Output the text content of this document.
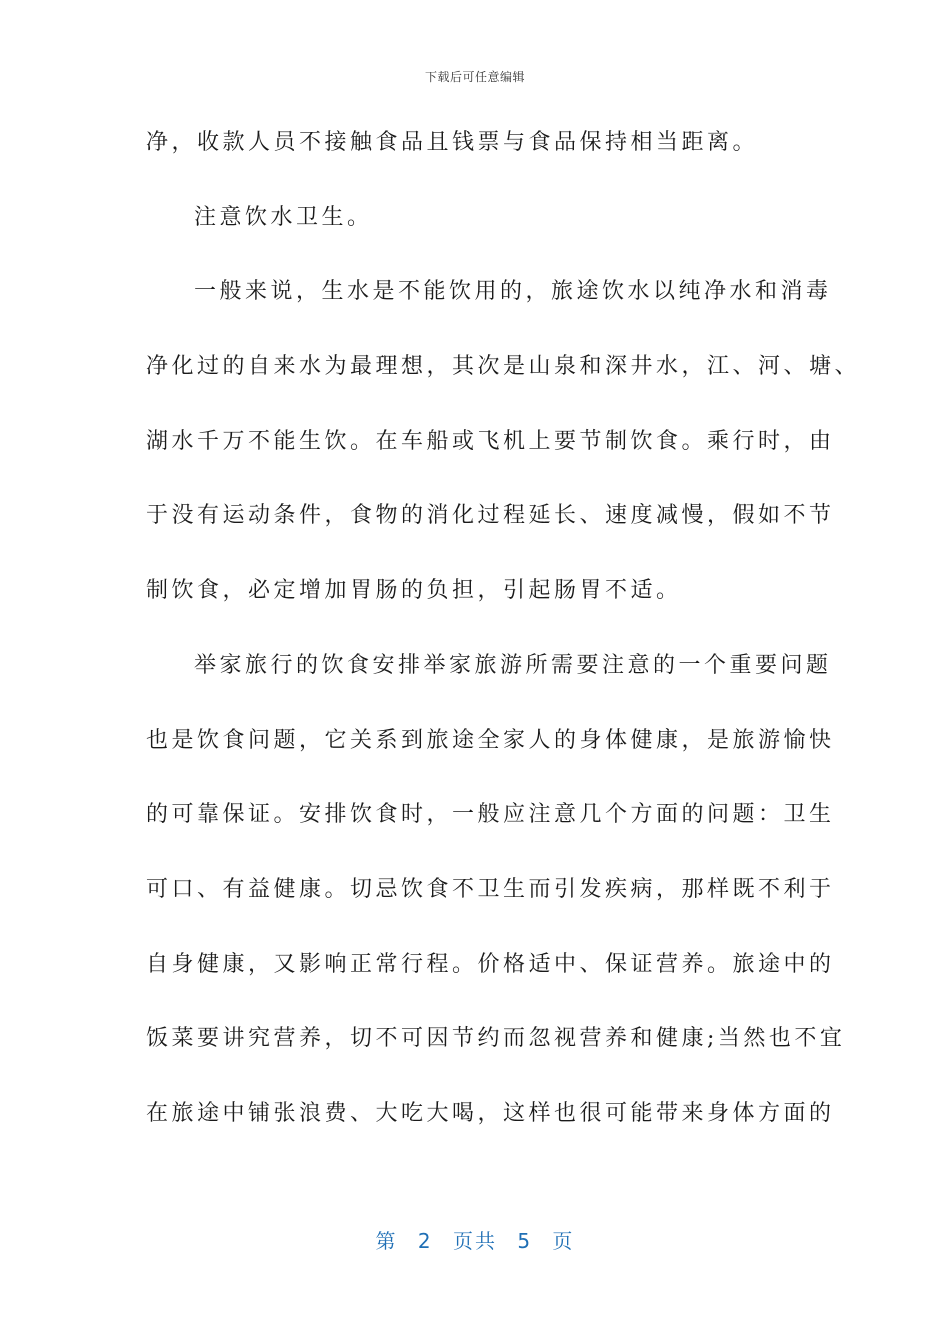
下载后可任意编辑
净，收款人员不接触食品且钱票与食品保持相当距离。
注意饮水卫生。
一般来说，生水是不能饮用的，旅途饮水以纯净水和消毒
净化过的自来水为最理想，其次是山泉和深井水，江、河、塘、
湖水千万不能生饮。在车船或飞机上要节制饮食。乘行时，由
于没有运动条件，食物的消化过程延长、速度减慢，假如不节
制饮食，必定增加胃肠的负担，引起肠胃不适。
举家旅行的饮食安排举家旅游所需要注意的一个重要问题
也是饮食问题，它关系到旅途全家人的身体健康，是旅游愉快
的可靠保证。安排饮食时，一般应注意几个方面的问题：卫生
可口、有益健康。切忌饮食不卫生而引发疾病，那样既不利于
自身健康，又影响正常行程。价格适中、保证营养。旅途中的
饭菜要讲究营养，切不可因节约而忽视营养和健康;当然也不宜
在旅途中铺张浪费、大吃大喝，这样也很可能带来身体方面的
第 2 页共 5 页
